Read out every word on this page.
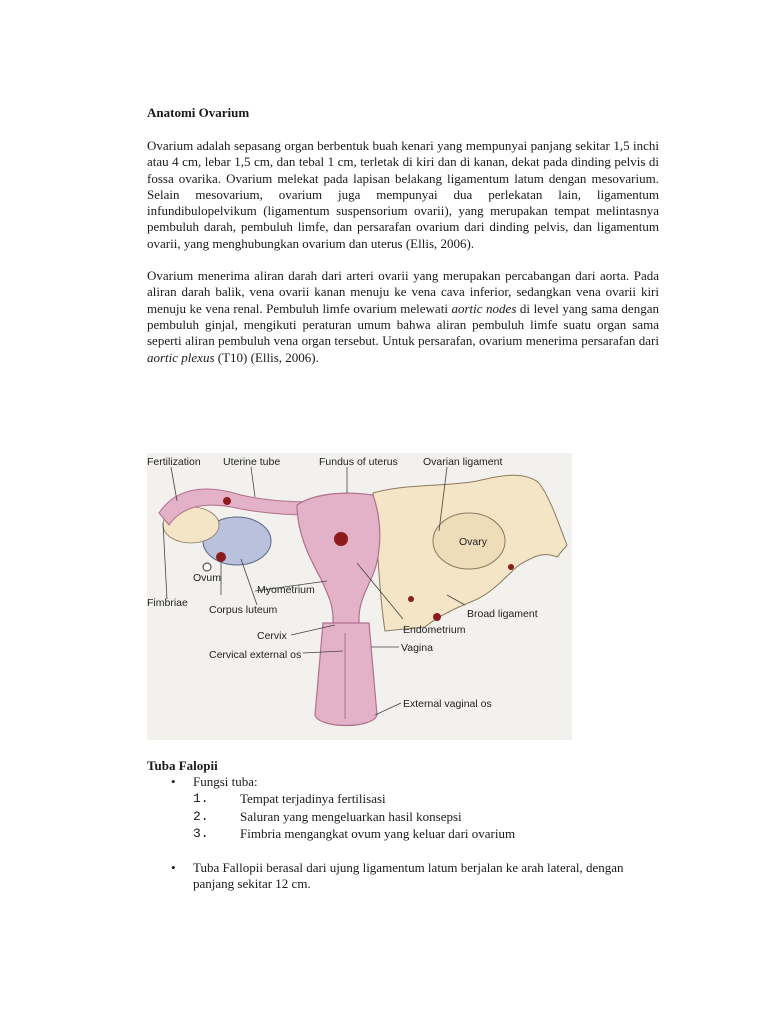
Anatomi Ovarium

Ovarium adalah sepasang organ berbentuk buah kenari yang mempunyai panjang sekitar 1,5 inchi atau 4 cm, lebar 1,5 cm, dan tebal 1 cm, terletak di kiri dan di kanan, dekat pada dinding pelvis di fossa ovarika. Ovarium melekat pada lapisan belakang ligamentum latum dengan mesovarium. Selain mesovarium, ovarium juga mempunyai dua perlekatan lain, ligamentum infundibulopelvikum (ligamentum suspensorium ovarii), yang merupakan tempat melintasnya pembuluh darah, pembuluh limfe, dan persarafan ovarium dari dinding pelvis, dan ligamentum ovarii, yang menghubungkan ovarium dan uterus (Ellis, 2006).

Ovarium menerima aliran darah dari arteri ovarii yang merupakan percabangan dari aorta. Pada aliran darah balik, vena ovarii kanan menuju ke vena cava inferior, sedangkan vena ovarii kiri menuju ke vena renal. Pembuluh limfe ovarium melewati aortic nodes di level yang sama dengan pembuluh ginjal, mengikuti peraturan umum bahwa aliran pembuluh limfe suatu organ sama seperti aliran pembuluh vena organ tersebut. Untuk persarafan, ovarium menerima persarafan dari aortic plexus (T10) (Ellis, 2006).

Fertilization Uterine tube	Fundus of uterus Ovarian ligament
Ovary
Ovum
Myometrium
Fimbriae
Corpus luteum	Broad ligament
Endometrium
Cervix
Cervical external os
Vagina
External vaginal os
Tuba Falopii
• Fungsi tuba:
1. Tempat terjadinya fertilisasi
2. Saluran yang mengeluarkan hasil konsepsi
3. Fimbria mengangkat ovum yang keluar dari ovarium
• Tuba Fallopii berasal dari ujung ligamentum latum berjalan ke arah lateral, dengan panjang sekitar 12 cm.
